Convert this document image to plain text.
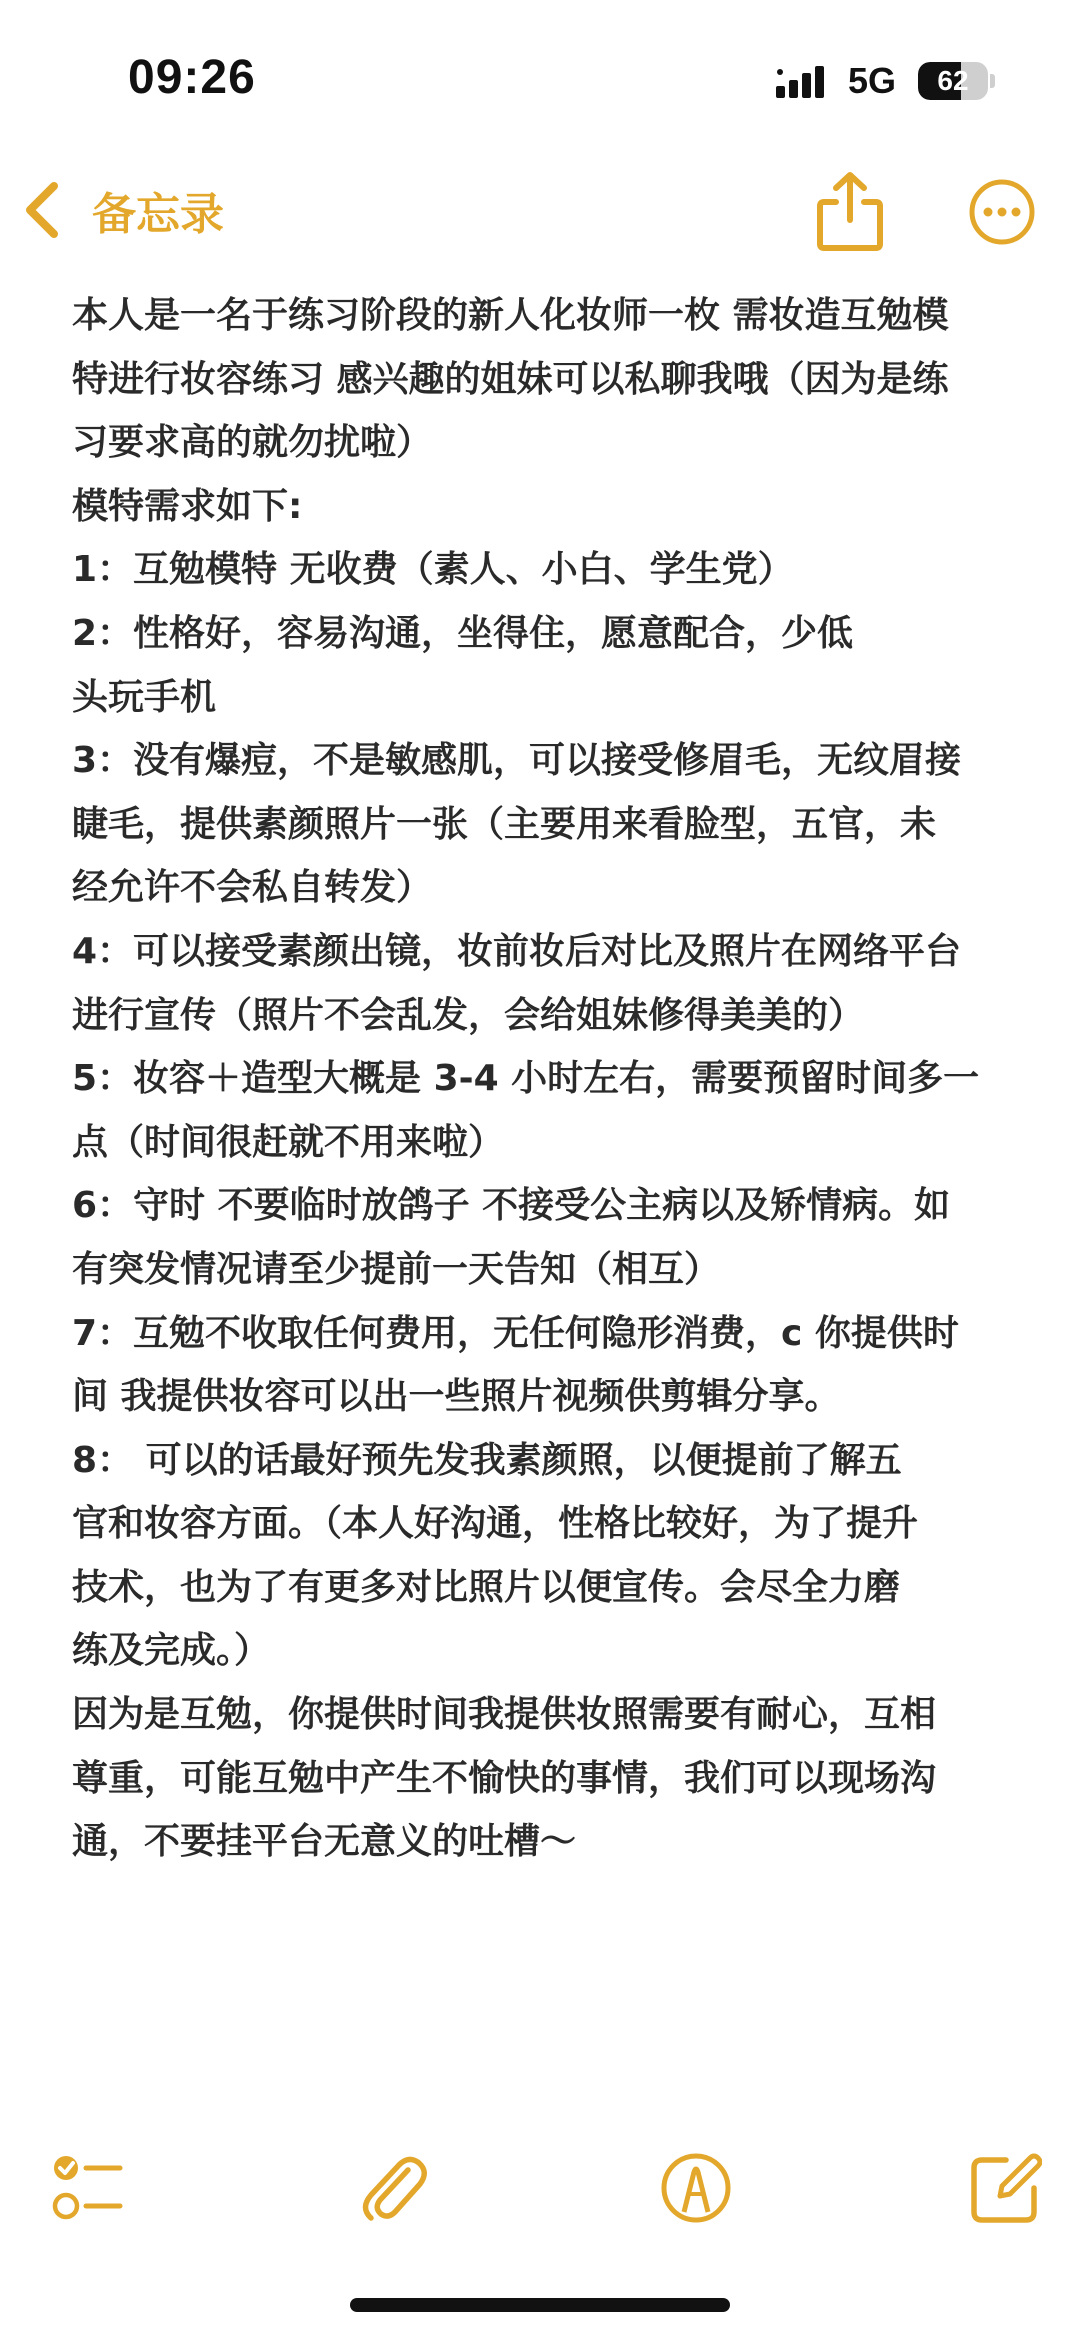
09:26	5G	62
备忘录
本人是一名于练习阶段的新人化妆师一枚 需妆造互勉模
特进行妆容练习 感兴趣的姐妹可以私聊我哦（因为是练
习要求高的就勿扰啦）
模特需求如下:
1：互勉模特 无收费（素人、小白、学生党）
2：性格好，容易沟通，坐得住，愿意配合，少低
头玩手机
3：没有爆痘，不是敏感肌，可以接受修眉毛，无纹眉接
睫毛，提供素颜照片一张（主要用来看脸型，五官，未
经允许不会私自转发）
4：可以接受素颜出镜，妆前妆后对比及照片在网络平台
进行宣传（照片不会乱发，会给姐妹修得美美的）
5：妆容＋造型大概是 3-4 小时左右，需要预留时间多一
点（时间很赶就不用来啦）
6：守时 不要临时放鸽子 不接受公主病以及矫情病。如
有突发情况请至少提前一天告知（相互）
7：互勉不收取任何费用，无任何隐形消费，c 你提供时
间 我提供妆容可以出一些照片视频供剪辑分享。
8： 可以的话最好预先发我素颜照，以便提前了解五
官和妆容方面。（本人好沟通，性格比较好，为了提升
技术，也为了有更多对比照片以便宣传。会尽全力磨
练及完成。）
因为是互勉，你提供时间我提供妆照需要有耐心，互相
尊重，可能互勉中产生不愉快的事情，我们可以现场沟
通，不要挂平台无意义的吐槽～
